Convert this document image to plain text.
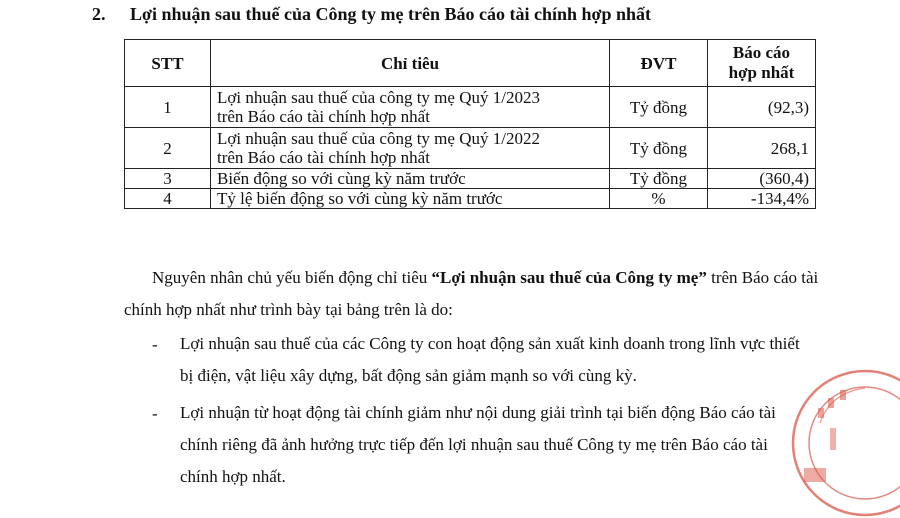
2. Lợi nhuận sau thuế của Công ty mẹ trên Báo cáo tài chính hợp nhất
STT	Chỉ tiêu	ĐVT	Báo cáo
hợp nhất
1	Lợi nhuận sau thuế của công ty mẹ Quý 1/2023
trên Báo cáo tài chính hợp nhất	Tỷ đồng	(92,3)
2	Lợi nhuận sau thuế của công ty mẹ Quý 1/2022
trên Báo cáo tài chính hợp nhất	Tỷ đồng	268,1
3	Biến động so với cùng kỳ năm trước	Tỷ đồng	(360,4)
4	Tỷ lệ biến động so với cùng kỳ năm trước	%	-134,4%
Nguyên nhân chủ yếu biến động chỉ tiêu “Lợi nhuận sau thuế của Công ty mẹ” trên Báo cáo tài
chính hợp nhất như trình bày tại bảng trên là do:
- Lợi nhuận sau thuế của các Công ty con hoạt động sản xuất kinh doanh trong lĩnh vực thiết
bị điện, vật liệu xây dựng, bất động sản giảm mạnh so với cùng kỳ.
- Lợi nhuận từ hoạt động tài chính giảm như nội dung giải trình tại biến động Báo cáo tài
chính riêng đã ảnh hưởng trực tiếp đến lợi nhuận sau thuế Công ty mẹ trên Báo cáo tài
chính hợp nhất.
